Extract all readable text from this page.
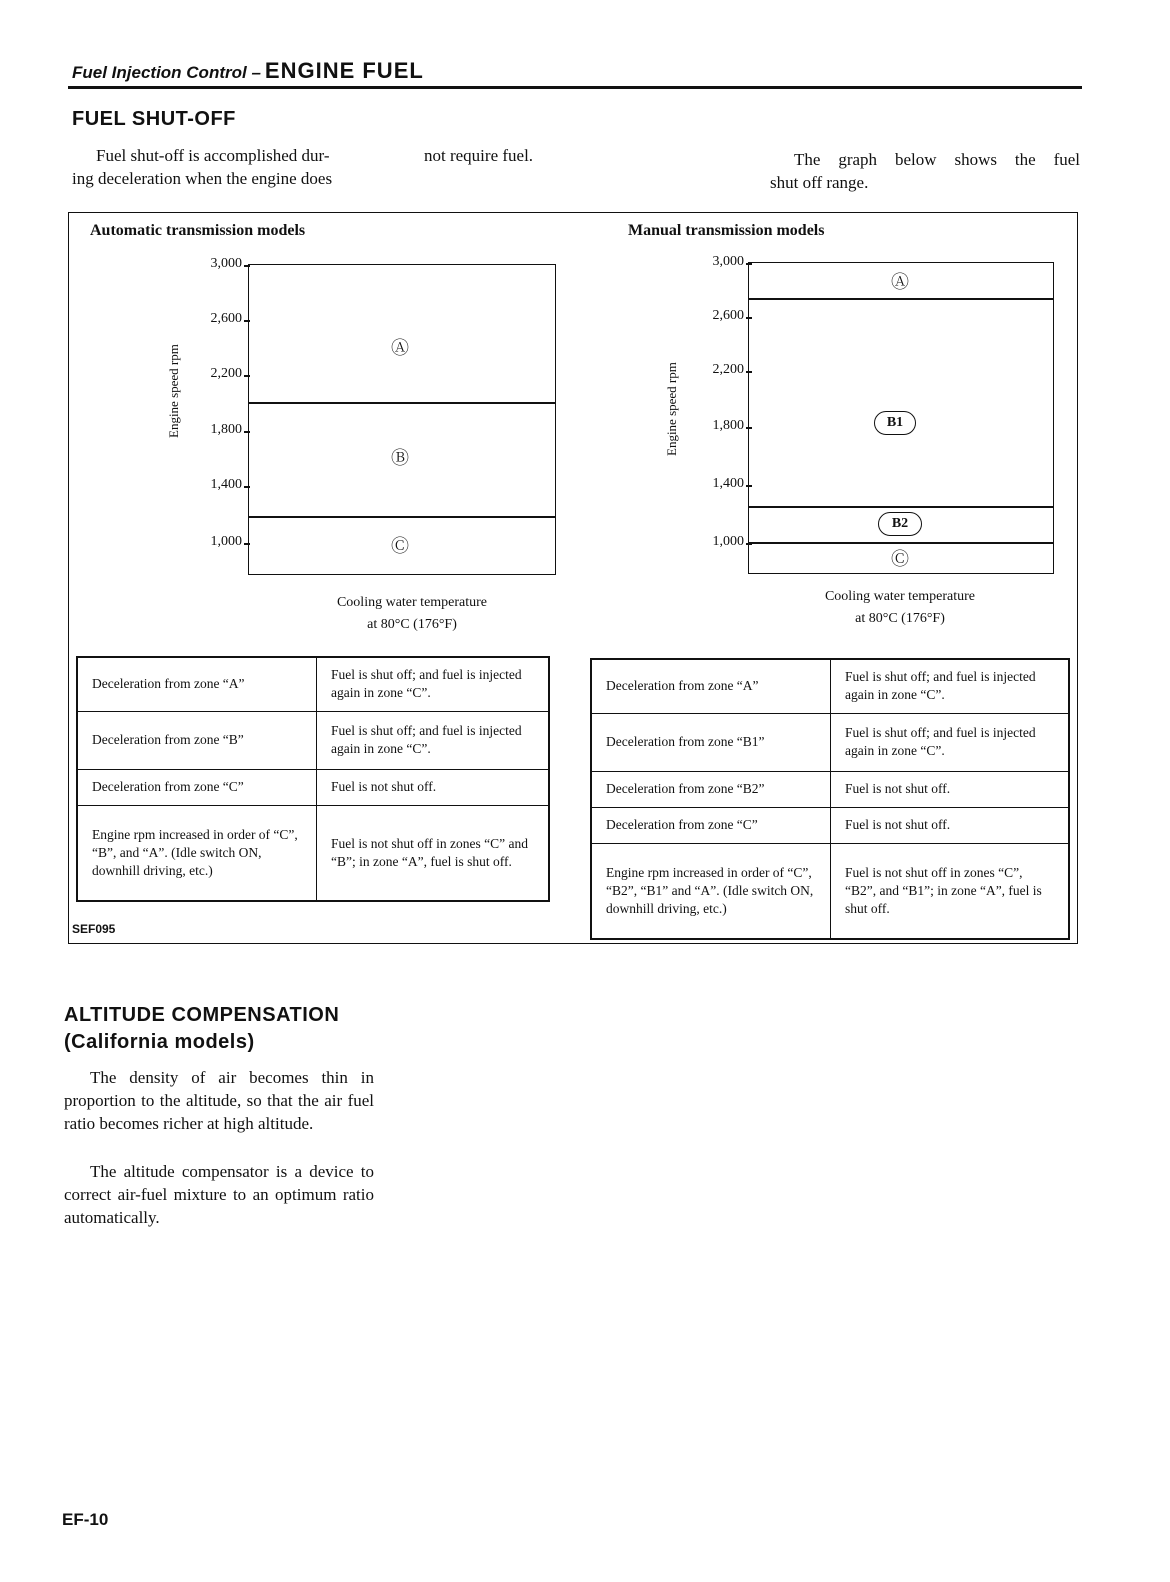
Fuel Injection Control – ENGINE FUEL
FUEL SHUT-OFF
Fuel shut-off is accomplished dur-
ing deceleration when the engine does
not require fuel.	The graph below shows the fuel
shut off range.
Automatic transmission models
Engine speed rpm
3,000
2,600
2,200
1,800
1,400
1,000
Ⓐ
Ⓑ
Ⓒ
Cooling water temperature
at 80°C (176°F)
Deceleration from zone “A”	Fuel is shut off; and fuel is injected again in zone “C”.
Deceleration from zone “B”	Fuel is shut off; and fuel is injected again in zone “C”.
Deceleration from zone “C”	Fuel is not shut off.
Engine rpm increased in order of “C”, “B”, and “A”. (Idle switch ON, downhill driving, etc.)	Fuel is not shut off in zones “C” and “B”; in zone “A”, fuel is shut off.
SEF095
Manual transmission models
Engine speed rpm
3,000
2,600
2,200
1,800
1,400
1,000
Ⓐ
B1
B2
Ⓒ
Cooling water temperature
at 80°C (176°F)
Deceleration from zone “A”	Fuel is shut off; and fuel is injected again in zone “C”.
Deceleration from zone “B1”	Fuel is shut off; and fuel is injected again in zone “C”.
Deceleration from zone “B2”	Fuel is not shut off.
Deceleration from zone “C”	Fuel is not shut off.
Engine rpm increased in order of “C”, “B2”, “B1” and “A”. (Idle switch ON, downhill driving, etc.)	Fuel is not shut off in zones “C”, “B2”, and “B1”; in zone “A”, fuel is shut off.
ALTITUDE COMPENSATION
(California models)
The density of air becomes thin in proportion to the altitude, so that the air fuel ratio becomes richer at high altitude.
The altitude compensator is a device to correct air-fuel mixture to an optimum ratio automatically.
EF-10
